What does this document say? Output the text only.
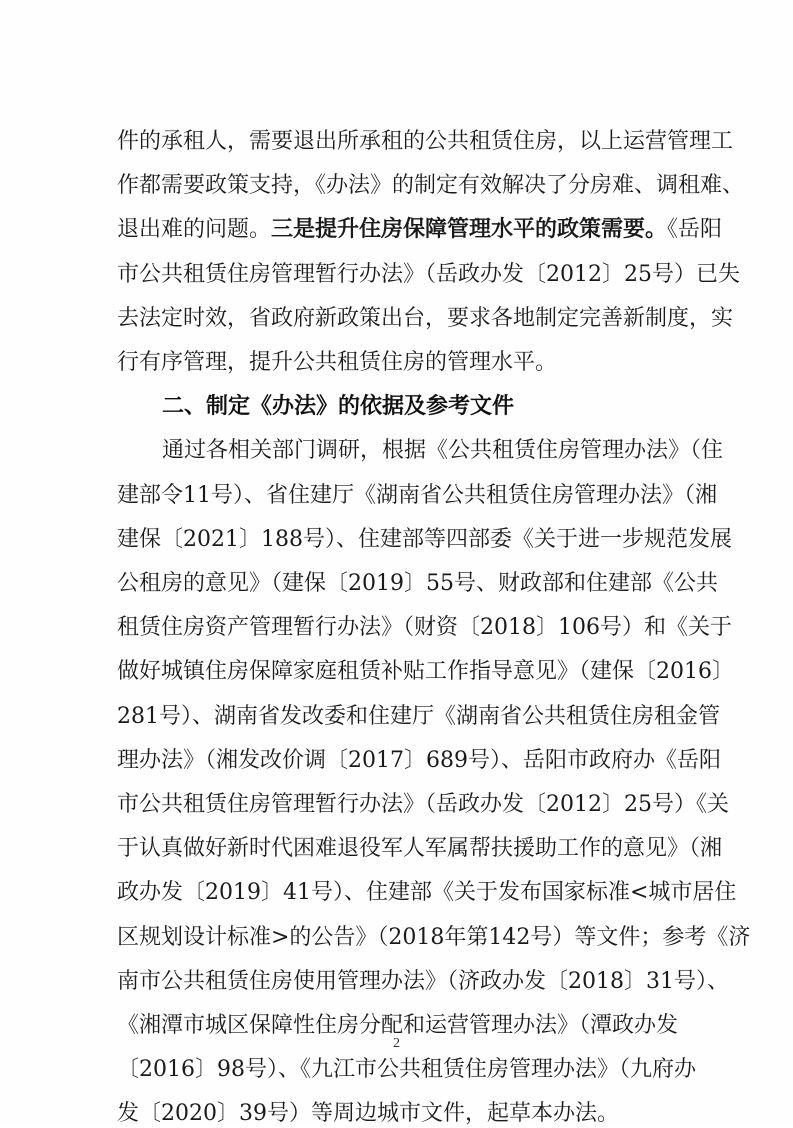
件的承租人，需要退出所承租的公共租赁住房，以上运营管理工
作都需要政策支持，《办法》的制定有效解决了分房难、调租难、
退出难的问题。三是提升住房保障管理水平的政策需要。《岳阳
市公共租赁住房管理暂行办法》（岳政办发〔2012〕25号）已失
去法定时效，省政府新政策出台，要求各地制定完善新制度，实
行有序管理，提升公共租赁住房的管理水平。
二、制定《办法》的依据及参考文件
2
通过各相关部门调研，根据《公共租赁住房管理办法》（住
建部令11号）、省住建厅《湖南省公共租赁住房管理办法》（湘
建保〔2021〕188号）、住建部等四部委《关于进一步规范发展
公租房的意见》（建保〔2019〕55号、财政部和住建部《公共
租赁住房资产管理暂行办法》（财资〔2018〕106号）和《关于
做好城镇住房保障家庭租赁补贴工作指导意见》（建保〔2016〕
281号）、湖南省发改委和住建厅《湖南省公共租赁住房租金管
理办法》（湘发改价调〔2017〕689号）、岳阳市政府办《岳阳
市公共租赁住房管理暂行办法》（岳政办发〔2012〕25号）《关
于认真做好新时代困难退役军人军属帮扶援助工作的意见》（湘
政办发〔2019〕41号）、住建部《关于发布国家标准<城市居住
区规划设计标准>的公告》（2018年第142号）等文件；参考《济
南市公共租赁住房使用管理办法》（济政办发〔2018〕31号）、
《湘潭市城区保障性住房分配和运营管理办法》（潭政办发
〔2016〕98号）、《九江市公共租赁住房管理办法》（九府办
发〔2020〕39号）等周边城市文件，起草本办法。
